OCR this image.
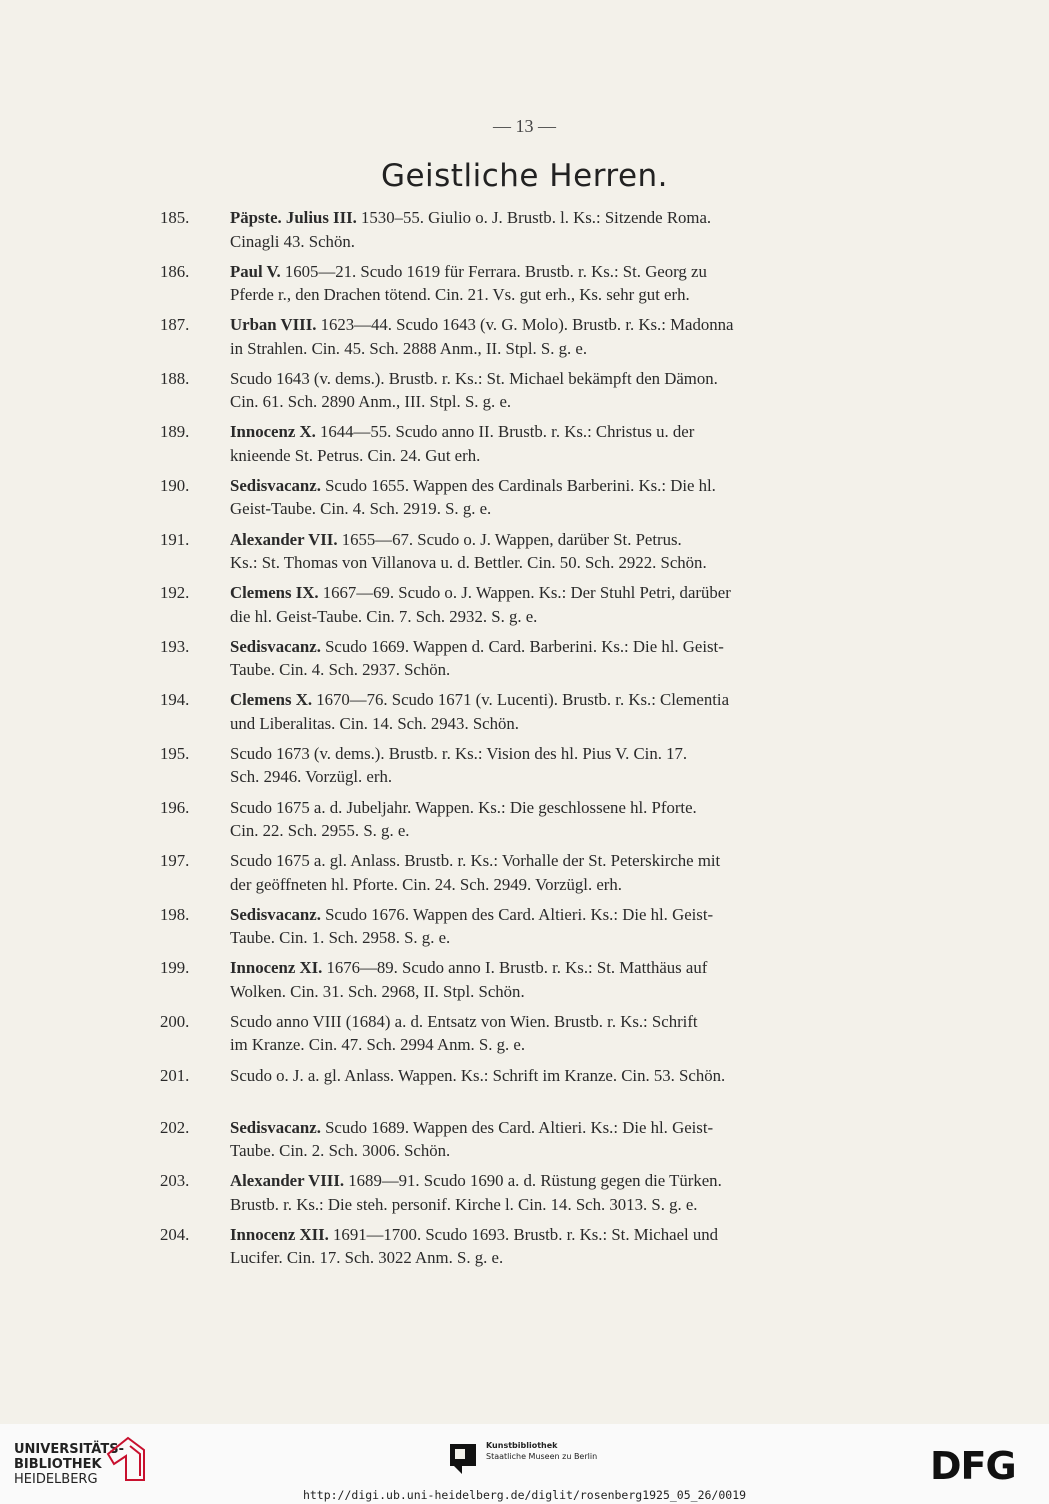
— 13 —
Geistliche Herren.
185. Päpste. Julius III. 1530–55. Giulio o. J. Brustb. l. Ks.: Sitzende Roma.
Cinagli 43. Schön.
186. Paul V. 1605—21. Scudo 1619 für Ferrara. Brustb. r. Ks.: St. Georg zu
Pferde r., den Drachen tötend. Cin. 21. Vs. gut erh., Ks. sehr gut erh.
187. Urban VIII. 1623—44. Scudo 1643 (v. G. Molo). Brustb. r. Ks.: Madonna
in Strahlen. Cin. 45. Sch. 2888 Anm., II. Stpl. S. g. e.
188. Scudo 1643 (v. dems.). Brustb. r. Ks.: St. Michael bekämpft den Dämon.
Cin. 61. Sch. 2890 Anm., III. Stpl. S. g. e.
189. Innocenz X. 1644—55. Scudo anno II. Brustb. r. Ks.: Christus u. der
knieende St. Petrus. Cin. 24. Gut erh.
190. Sedisvacanz. Scudo 1655. Wappen des Cardinals Barberini. Ks.: Die hl.
Geist-Taube. Cin. 4. Sch. 2919. S. g. e.
191. Alexander VII. 1655—67. Scudo o. J. Wappen, darüber St. Petrus.
Ks.: St. Thomas von Villanova u. d. Bettler. Cin. 50. Sch. 2922. Schön.
192. Clemens IX. 1667—69. Scudo o. J. Wappen. Ks.: Der Stuhl Petri, darüber
die hl. Geist-Taube. Cin. 7. Sch. 2932. S. g. e.
193. Sedisvacanz. Scudo 1669. Wappen d. Card. Barberini. Ks.: Die hl. Geist-
Taube. Cin. 4. Sch. 2937. Schön.
194. Clemens X. 1670—76. Scudo 1671 (v. Lucenti). Brustb. r. Ks.: Clementia
und Liberalitas. Cin. 14. Sch. 2943. Schön.
195. Scudo 1673 (v. dems.). Brustb. r. Ks.: Vision des hl. Pius V. Cin. 17.
Sch. 2946. Vorzügl. erh.
196. Scudo 1675 a. d. Jubeljahr. Wappen. Ks.: Die geschlossene hl. Pforte.
Cin. 22. Sch. 2955. S. g. e.
197. Scudo 1675 a. gl. Anlass. Brustb. r. Ks.: Vorhalle der St. Peterskirche mit
der geöffneten hl. Pforte. Cin. 24. Sch. 2949. Vorzügl. erh.
198. Sedisvacanz. Scudo 1676. Wappen des Card. Altieri. Ks.: Die hl. Geist-
Taube. Cin. 1. Sch. 2958. S. g. e.
199. Innocenz XI. 1676—89. Scudo anno I. Brustb. r. Ks.: St. Matthäus auf
Wolken. Cin. 31. Sch. 2968, II. Stpl. Schön.
200. Scudo anno VIII (1684) a. d. Entsatz von Wien. Brustb. r. Ks.: Schrift
im Kranze. Cin. 47. Sch. 2994 Anm. S. g. e.
201. Scudo o. J. a. gl. Anlass. Wappen. Ks.: Schrift im Kranze. Cin. 53. Schön.
202. Sedisvacanz. Scudo 1689. Wappen des Card. Altieri. Ks.: Die hl. Geist-
Taube. Cin. 2. Sch. 3006. Schön.
203. Alexander VIII. 1689—91. Scudo 1690 a. d. Rüstung gegen die Türken.
Brustb. r. Ks.: Die steh. personif. Kirche l. Cin. 14. Sch. 3013. S. g. e.
204. Innocenz XII. 1691—1700. Scudo 1693. Brustb. r. Ks.: St. Michael und
Lucifer. Cin. 17. Sch. 3022 Anm. S. g. e.
UNIVERSITÄTS-
BIBLIOTHEK
HEIDELBERG
Kunstbibliothek
Staatliche Museen zu Berlin	DFG
http://digi.ub.uni-heidelberg.de/diglit/rosenberg1925_05_26/0019
